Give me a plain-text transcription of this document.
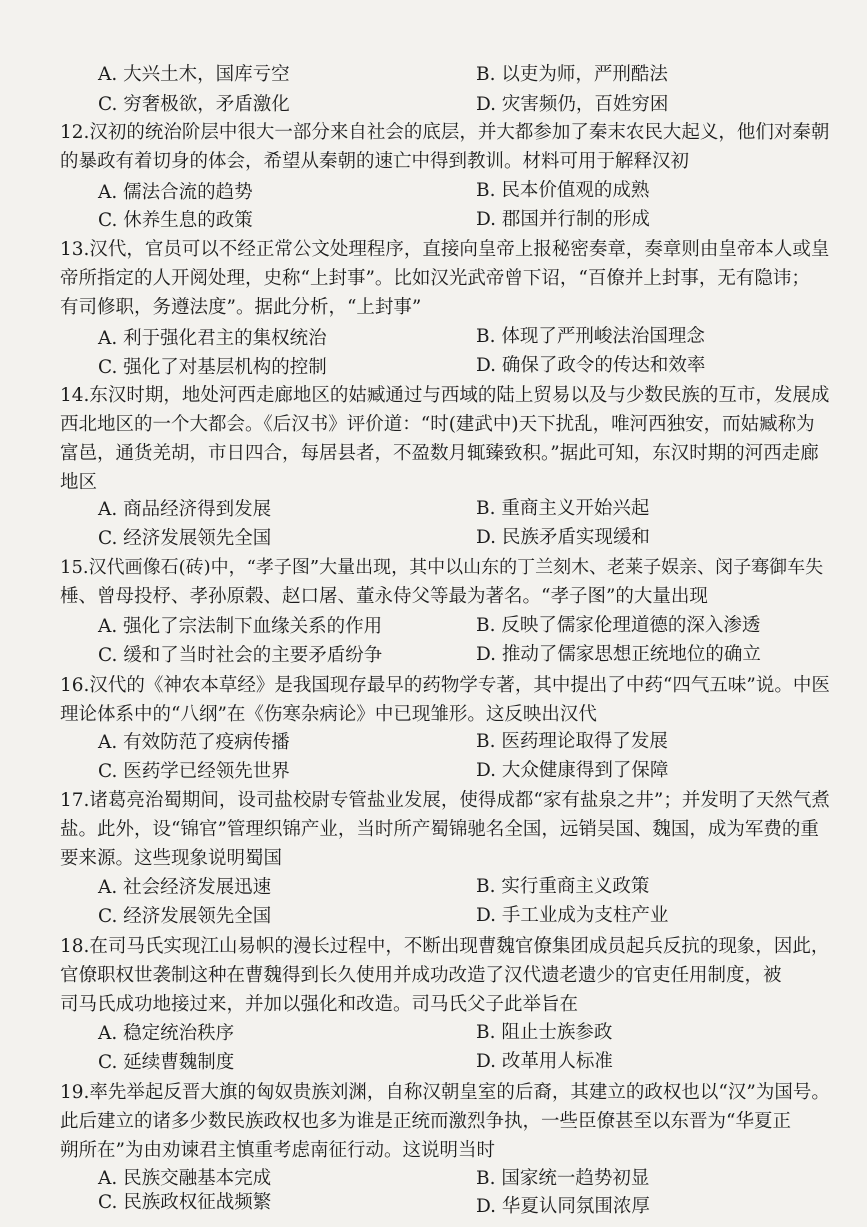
A. 大兴土木，国库亏空	B. 以吏为师，严刑酷法
C. 穷奢极欲，矛盾激化	D. 灾害频仍，百姓穷困
12.汉初的统治阶层中很大一部分来自社会的底层，并大都参加了秦末农民大起义，他们对秦朝
的暴政有着切身的体会，希望从秦朝的速亡中得到教训。材料可用于解释汉初
A. 儒法合流的趋势	B. 民本价值观的成熟
C. 休养生息的政策	D. 郡国并行制的形成
13.汉代，官员可以不经正常公文处理程序，直接向皇帝上报秘密奏章，奏章则由皇帝本人或皇
帝所指定的人开阅处理，史称“上封事”。比如汉光武帝曾下诏，“百僚并上封事，无有隐讳；
有司修职，务遵法度”。据此分析，“上封事”
A. 利于强化君主的集权统治	B. 体现了严刑峻法治国理念
C. 强化了对基层机构的控制	D. 确保了政令的传达和效率
14.东汉时期，地处河西走廊地区的姑臧通过与西域的陆上贸易以及与少数民族的互市，发展成
西北地区的一个大都会。《后汉书》评价道：“时(建武中)天下扰乱，唯河西独安，而姑臧称为
富邑，通货羌胡，市日四合，每居县者，不盈数月辄臻致积。”据此可知，东汉时期的河西走廊
地区
A. 商品经济得到发展	B. 重商主义开始兴起
C. 经济发展领先全国	D. 民族矛盾实现缓和
15.汉代画像石(砖)中，“孝子图”大量出现，其中以山东的丁兰刻木、老莱子娱亲、闵子骞御车失
棰、曾母投杼、孝孙原榖、赵口屠、董永侍父等最为著名。“孝子图”的大量出现
A. 强化了宗法制下血缘关系的作用	B. 反映了儒家伦理道德的深入渗透
C. 缓和了当时社会的主要矛盾纷争	D. 推动了儒家思想正统地位的确立
16.汉代的《神农本草经》是我国现存最早的药物学专著，其中提出了中药“四气五味”说。中医
理论体系中的“八纲”在《伤寒杂病论》中已现雏形。这反映出汉代
A. 有效防范了疫病传播	B. 医药理论取得了发展
C. 医药学已经领先世界	D. 大众健康得到了保障
17.诸葛亮治蜀期间，设司盐校尉专管盐业发展，使得成都“家有盐泉之井”；并发明了天然气煮
盐。此外，设“锦官”管理织锦产业，当时所产蜀锦驰名全国，远销吴国、魏国，成为军费的重
要来源。这些现象说明蜀国
A. 社会经济发展迅速	B. 实行重商主义政策
C. 经济发展领先全国	D. 手工业成为支柱产业
18.在司马氏实现江山易帜的漫长过程中，不断出现曹魏官僚集团成员起兵反抗的现象，因此，
官僚职权世袭制这种在曹魏得到长久使用并成功改造了汉代遗老遗少的官吏任用制度，被
司马氏成功地接过来，并加以强化和改造。司马氏父子此举旨在
A. 稳定统治秩序	B. 阻止士族参政
C. 延续曹魏制度	D. 改革用人标准
19.率先举起反晋大旗的匈奴贵族刘渊，自称汉朝皇室的后裔，其建立的政权也以“汉”为国号。
此后建立的诸多少数民族政权也多为谁是正统而激烈争执，一些臣僚甚至以东晋为“华夏正
朔所在”为由劝谏君主慎重考虑南征行动。这说明当时
A. 民族交融基本完成	B. 国家统一趋势初显
C. 民族政权征战频繁	D. 华夏认同氛围浓厚
